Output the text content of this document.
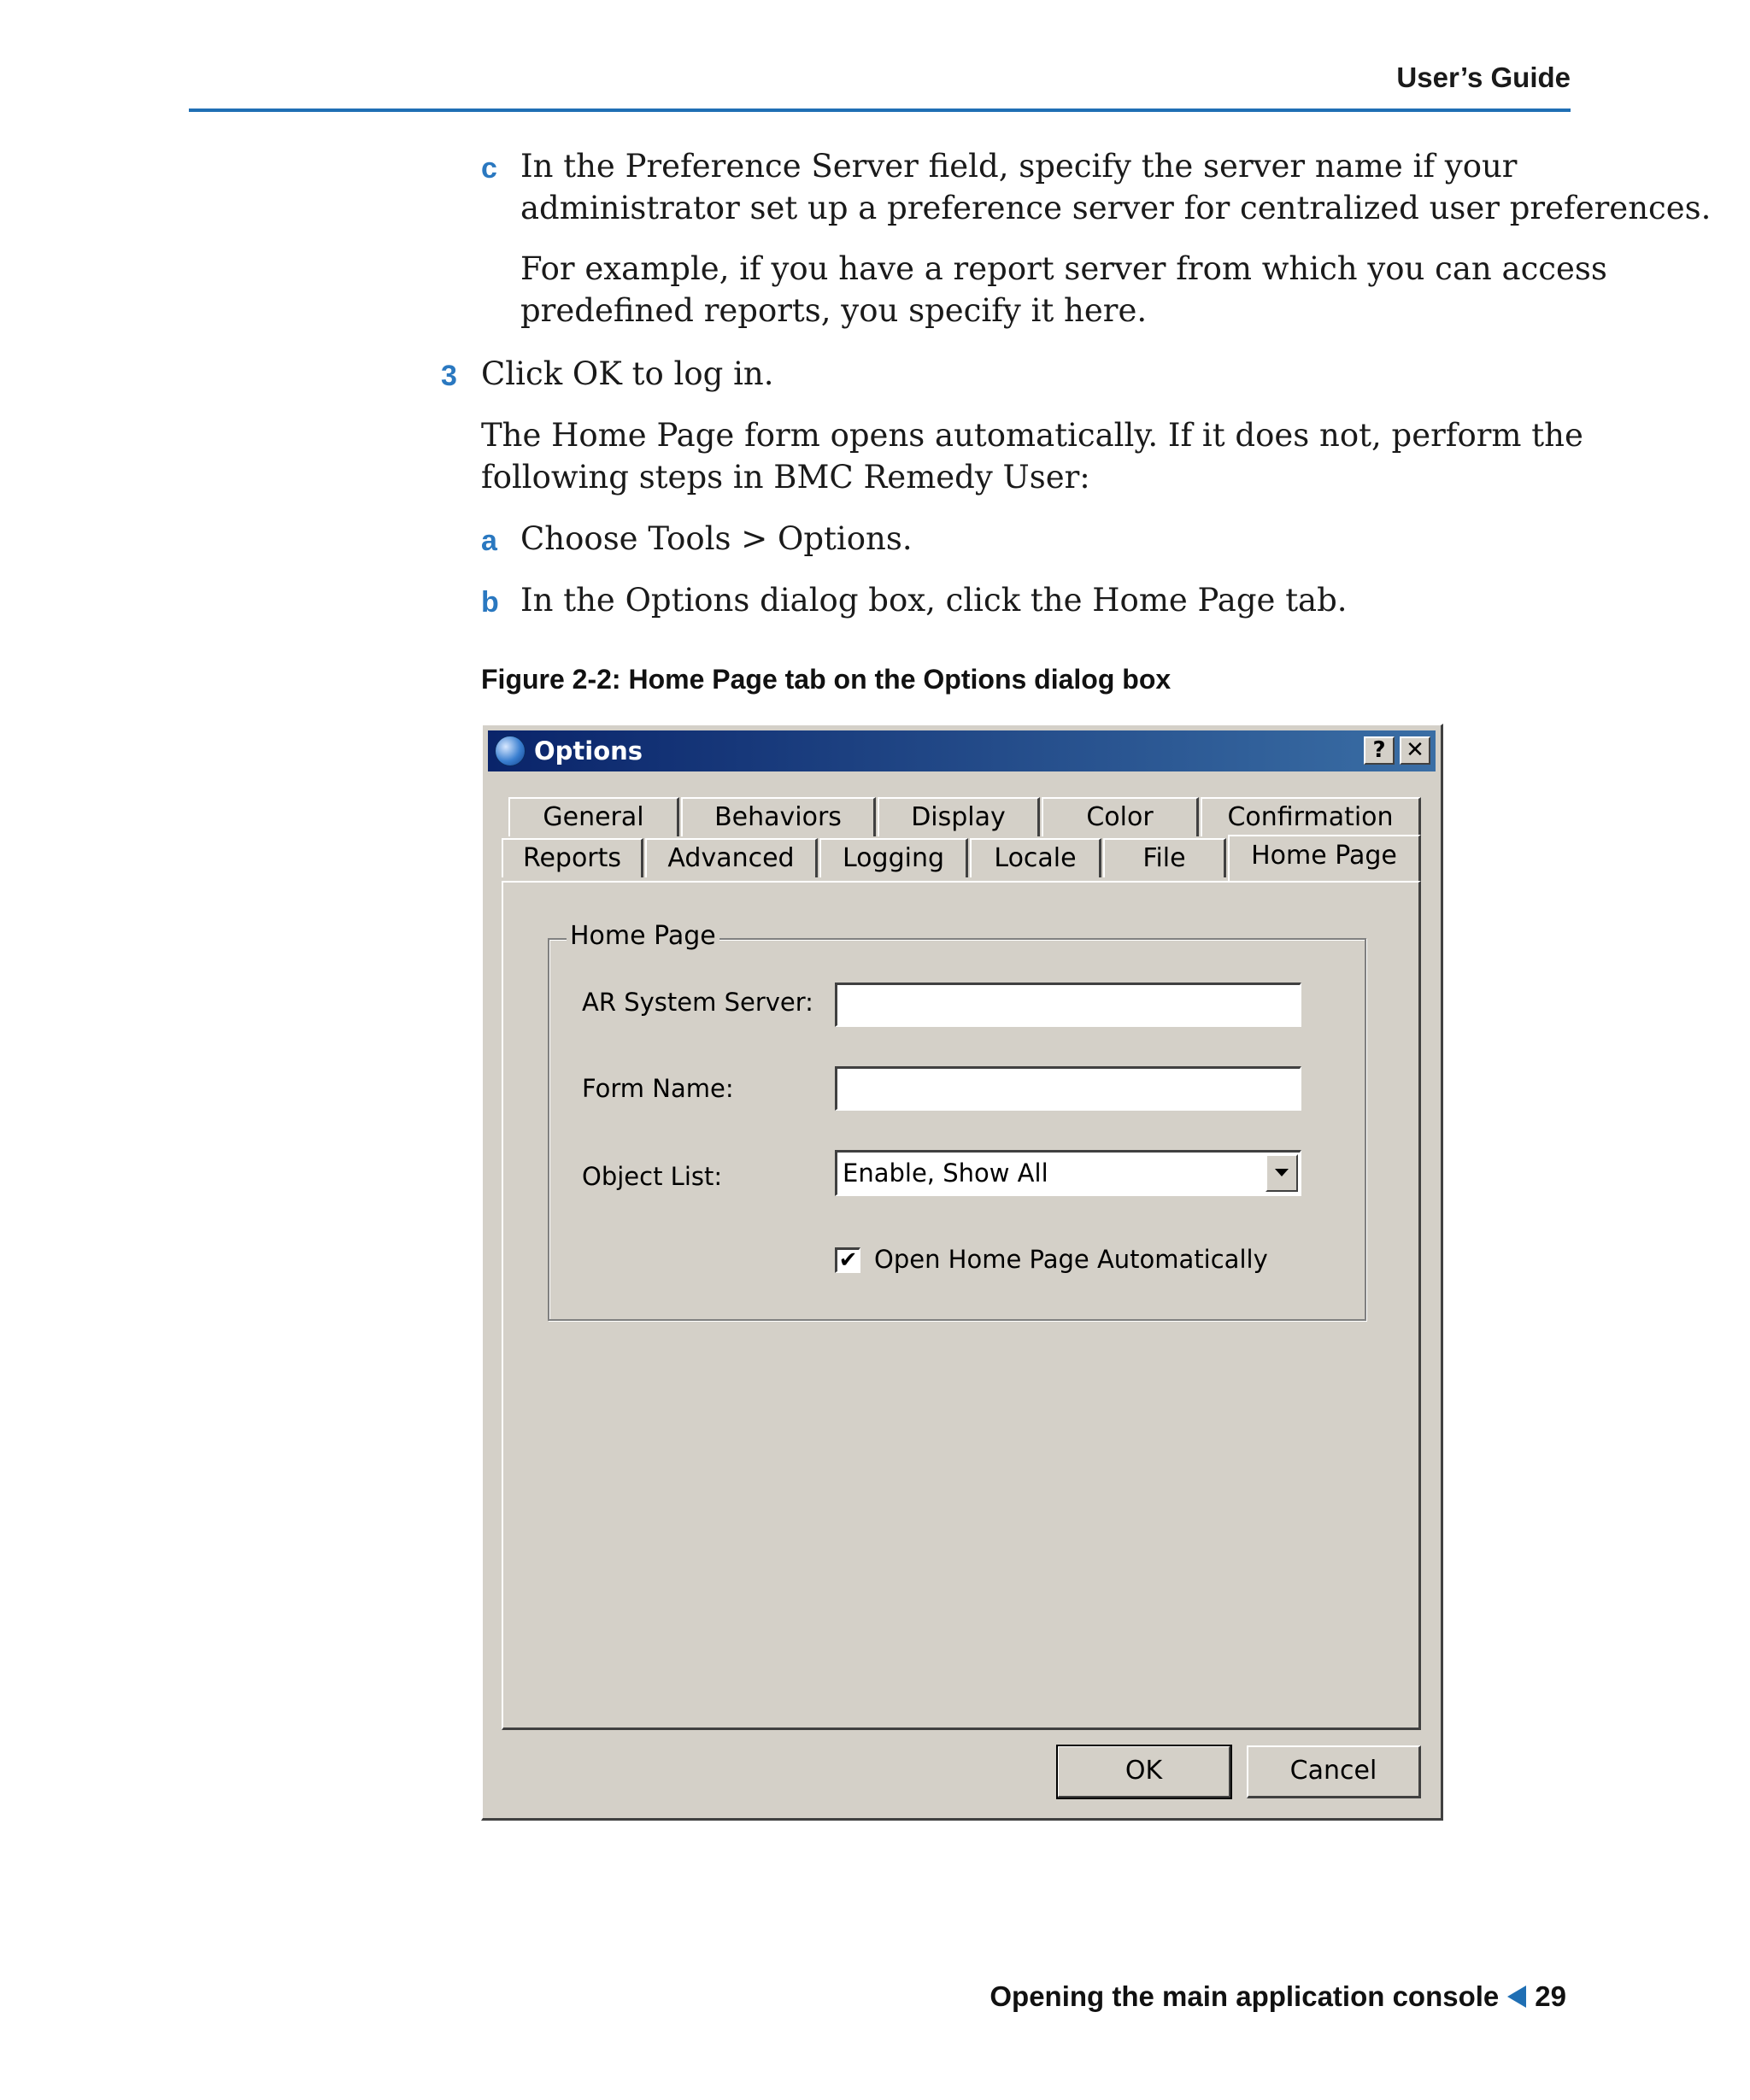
User’s Guide
c In the Preference Server field, specify the server name if your
administrator set up a preference server for centralized user preferences.
For example, if you have a report server from which you can access
predefined reports, you specify it here.
3 Click OK to log in.
The Home Page form opens automatically. If it does not, perform the
following steps in BMC Remedy User:
a Choose Tools > Options.
b In the Options dialog box, click the Home Page tab.
Figure 2-2: Home Page tab on the Options dialog box
Options	? ✕
General	Behaviors	Display	Color	Confirmation
Reports	Advanced	Logging	Locale	File	Home Page
Home Page
AR System Server:
Form Name:
Object List:	Enable, Show All
✔ Open Home Page Automatically
OK	Cancel
Opening the main application console 29
